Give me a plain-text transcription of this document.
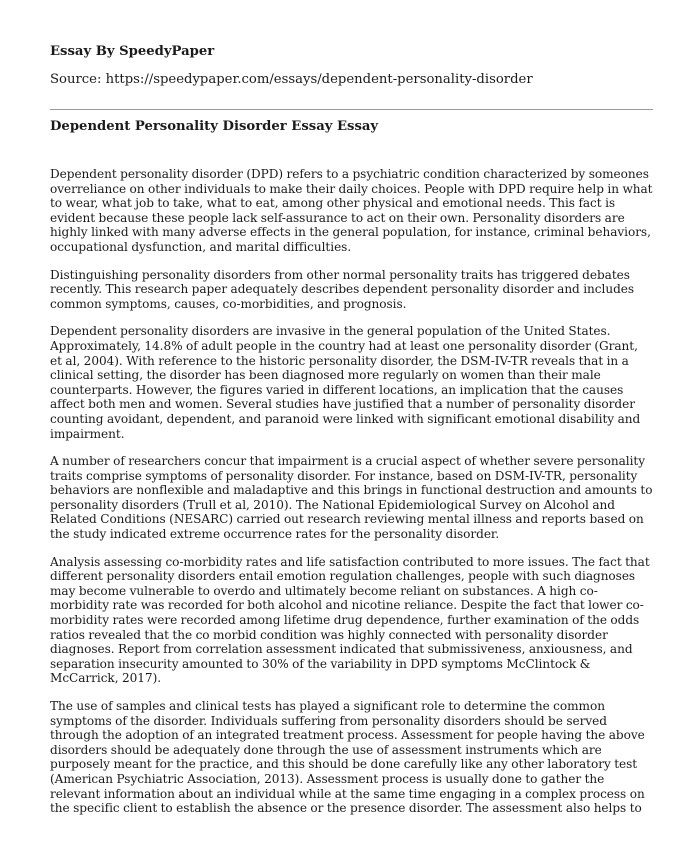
Essay By SpeedyPaper

Source: https://speedypaper.com/essays/dependent-personality-disorder

Dependent Personality Disorder Essay Essay

Dependent personality disorder (DPD) refers to a psychiatric condition characterized by someones overreliance on other individuals to make their daily choices. People with DPD require help in what to wear, what job to take, what to eat, among other physical and emotional needs. This fact is evident because these people lack self-assurance to act on their own. Personality disorders are highly linked with many adverse effects in the general population, for instance, criminal behaviors, occupational dysfunction, and marital difficulties.

Distinguishing personality disorders from other normal personality traits has triggered debates recently. This research paper adequately describes dependent personality disorder and includes common symptoms, causes, co-morbidities, and prognosis.

Dependent personality disorders are invasive in the general population of the United States. Approximately, 14.8% of adult people in the country had at least one personality disorder (Grant, et al, 2004). With reference to the historic personality disorder, the DSM-IV-TR reveals that in a clinical setting, the disorder has been diagnosed more regularly on women than their male counterparts. However, the figures varied in different locations, an implication that the causes affect both men and women. Several studies have justified that a number of personality disorder counting avoidant, dependent, and paranoid were linked with significant emotional disability and impairment.

A number of researchers concur that impairment is a crucial aspect of whether severe personality traits comprise symptoms of personality disorder. For instance, based on DSM-IV-TR, personality behaviors are nonflexible and maladaptive and this brings in functional destruction and amounts to personality disorders (Trull et al, 2010). The National Epidemiological Survey on Alcohol and Related Conditions (NESARC) carried out research reviewing mental illness and reports based on the study indicated extreme occurrence rates for the personality disorder.

Analysis assessing co-morbidity rates and life satisfaction contributed to more issues. The fact that different personality disorders entail emotion regulation challenges, people with such diagnoses may become vulnerable to overdo and ultimately become reliant on substances. A high co-morbidity rate was recorded for both alcohol and nicotine reliance. Despite the fact that lower co-morbidity rates were recorded among lifetime drug dependence, further examination of the odds ratios revealed that the co morbid condition was highly connected with personality disorder diagnoses. Report from correlation assessment indicated that submissiveness, anxiousness, and separation insecurity amounted to 30% of the variability in DPD symptoms McClintock & McCarrick, 2017).

The use of samples and clinical tests has played a significant role to determine the common symptoms of the disorder. Individuals suffering from personality disorders should be served through the adoption of an integrated treatment process. Assessment for people having the above disorders should be adequately done through the use of assessment instruments which are purposely meant for the practice, and this should be done carefully like any other laboratory test (American Psychiatric Association, 2013). Assessment process is usually done to gather the relevant information about an individual while at the same time engaging in a complex process on the specific client to establish the absence or the presence disorder. The assessment also helps to
